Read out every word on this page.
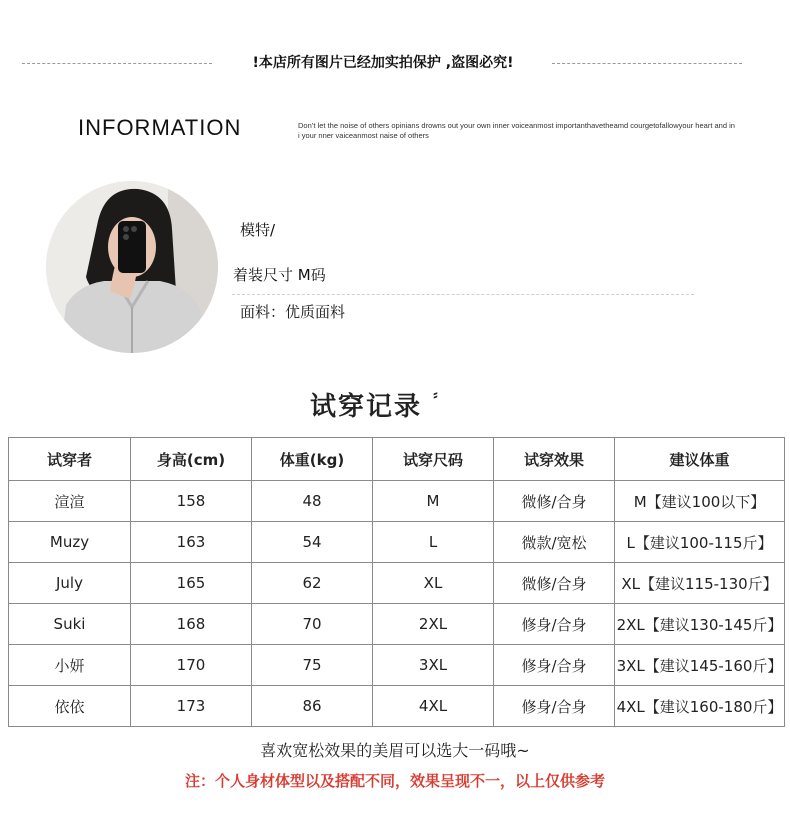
!本店所有图片已经加实拍保护 ,盗图必究!
INFORMATION	Don’t let the noise of others opinians drowns out your own inner voiceanmost importanthavetheamd courgetofallowyour heart and in i your nner vaiceanmost naise of others
模特/
着装尺寸 M码
面料：优质面料
试穿记录 ⸗
试穿者	身高(cm)	体重(kg)	试穿尺码	试穿效果	建议体重
渲渲	158	48	M	微修/合身	M【建议100以下】
Muzy	163	54	L	微款/宽松	L【建议100-115斤】
July	165	62	XL	微修/合身	XL【建议115-130斤】
Suki	168	70	2XL	修身/合身	2XL【建议130-145斤】
小妍	170	75	3XL	修身/合身	3XL【建议145-160斤】
依依	173	86	4XL	修身/合身	4XL【建议160-180斤】
喜欢宽松效果的美眉可以选大一码哦~
注：个人身材体型以及搭配不同，效果呈现不一，以上仅供参考
